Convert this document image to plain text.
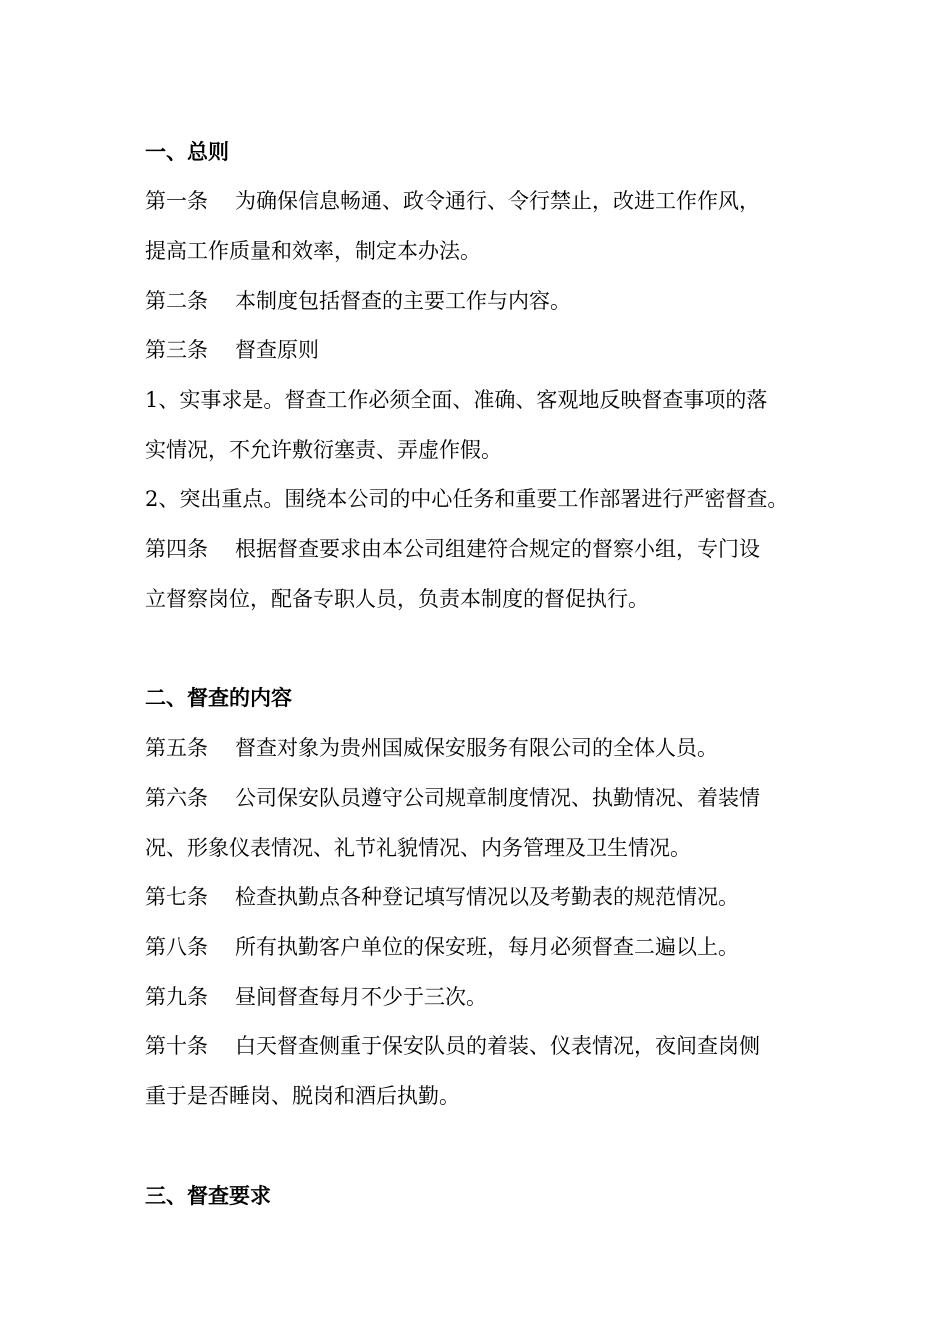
一、总则
第一条 为确保信息畅通、政令通行、令行禁止，改进工作作风，
提高工作质量和效率，制定本办法。
第二条 本制度包括督查的主要工作与内容。
第三条 督查原则
1、实事求是。督查工作必须全面、准确、客观地反映督查事项的落
实情况，不允许敷衍塞责、弄虚作假。
2、突出重点。围绕本公司的中心任务和重要工作部署进行严密督查。
第四条 根据督查要求由本公司组建符合规定的督察小组，专门设
立督察岗位，配备专职人员，负责本制度的督促执行。
二、督查的内容
第五条 督查对象为贵州国威保安服务有限公司的全体人员。
第六条 公司保安队员遵守公司规章制度情况、执勤情况、着装情
况、形象仪表情况、礼节礼貌情况、内务管理及卫生情况。
第七条 检查执勤点各种登记填写情况以及考勤表的规范情况。
第八条 所有执勤客户单位的保安班，每月必须督查二遍以上。
第九条 昼间督查每月不少于三次。
第十条 白天督查侧重于保安队员的着装、仪表情况，夜间查岗侧
重于是否睡岗、脱岗和酒后执勤。
三、督查要求
